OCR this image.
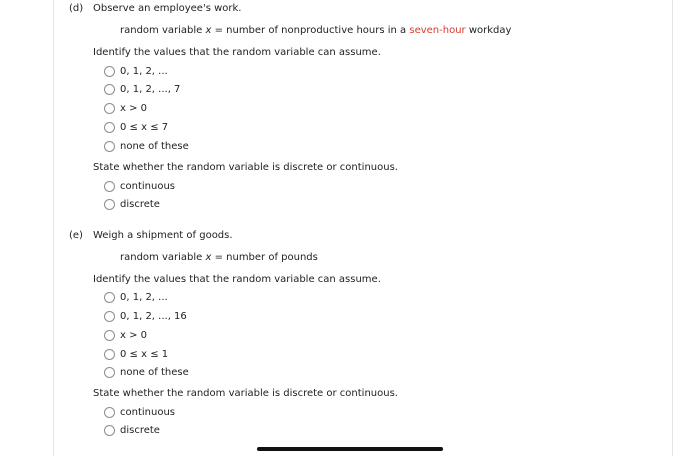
(d) Observe an employee's work.
random variable x = number of nonproductive hours in a seven-hour workday
Identify the values that the random variable can assume.
0, 1, 2, ...
0, 1, 2, ..., 7
x > 0
0 ≤ x ≤ 7
none of these
State whether the random variable is discrete or continuous.
continuous
discrete
(e) Weigh a shipment of goods.
random variable x = number of pounds
Identify the values that the random variable can assume.
0, 1, 2, ...
0, 1, 2, ..., 16
x > 0
0 ≤ x ≤ 1
none of these
State whether the random variable is discrete or continuous.
continuous
discrete
